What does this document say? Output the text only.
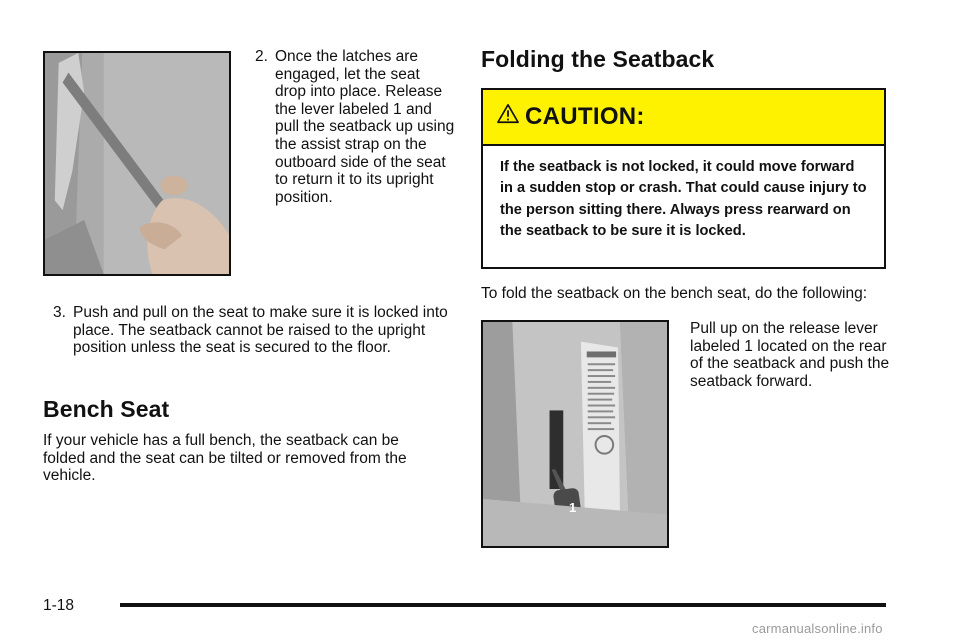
2. Once the latches are engaged, let the seat drop into place. Release the lever labeled 1 and pull the seatback up using the assist strap on the outboard side of the seat to return it to its upright position.
3. Push and pull on the seat to make sure it is locked into place. The seatback cannot be raised to the upright position unless the seat is secured to the floor.
Bench Seat
If your vehicle has a full bench, the seatback can be folded and the seat can be tilted or removed from the vehicle.
Folding the Seatback
CAUTION:
If the seatback is not locked, it could move forward in a sudden stop or crash. That could cause injury to the person sitting there. Always press rearward on the seatback to be sure it is locked.
To fold the seatback on the bench seat, do the following:
1
Pull up on the release lever labeled 1 located on the rear of the seatback and push the seatback forward.
1-18
carmanualsonline.info
